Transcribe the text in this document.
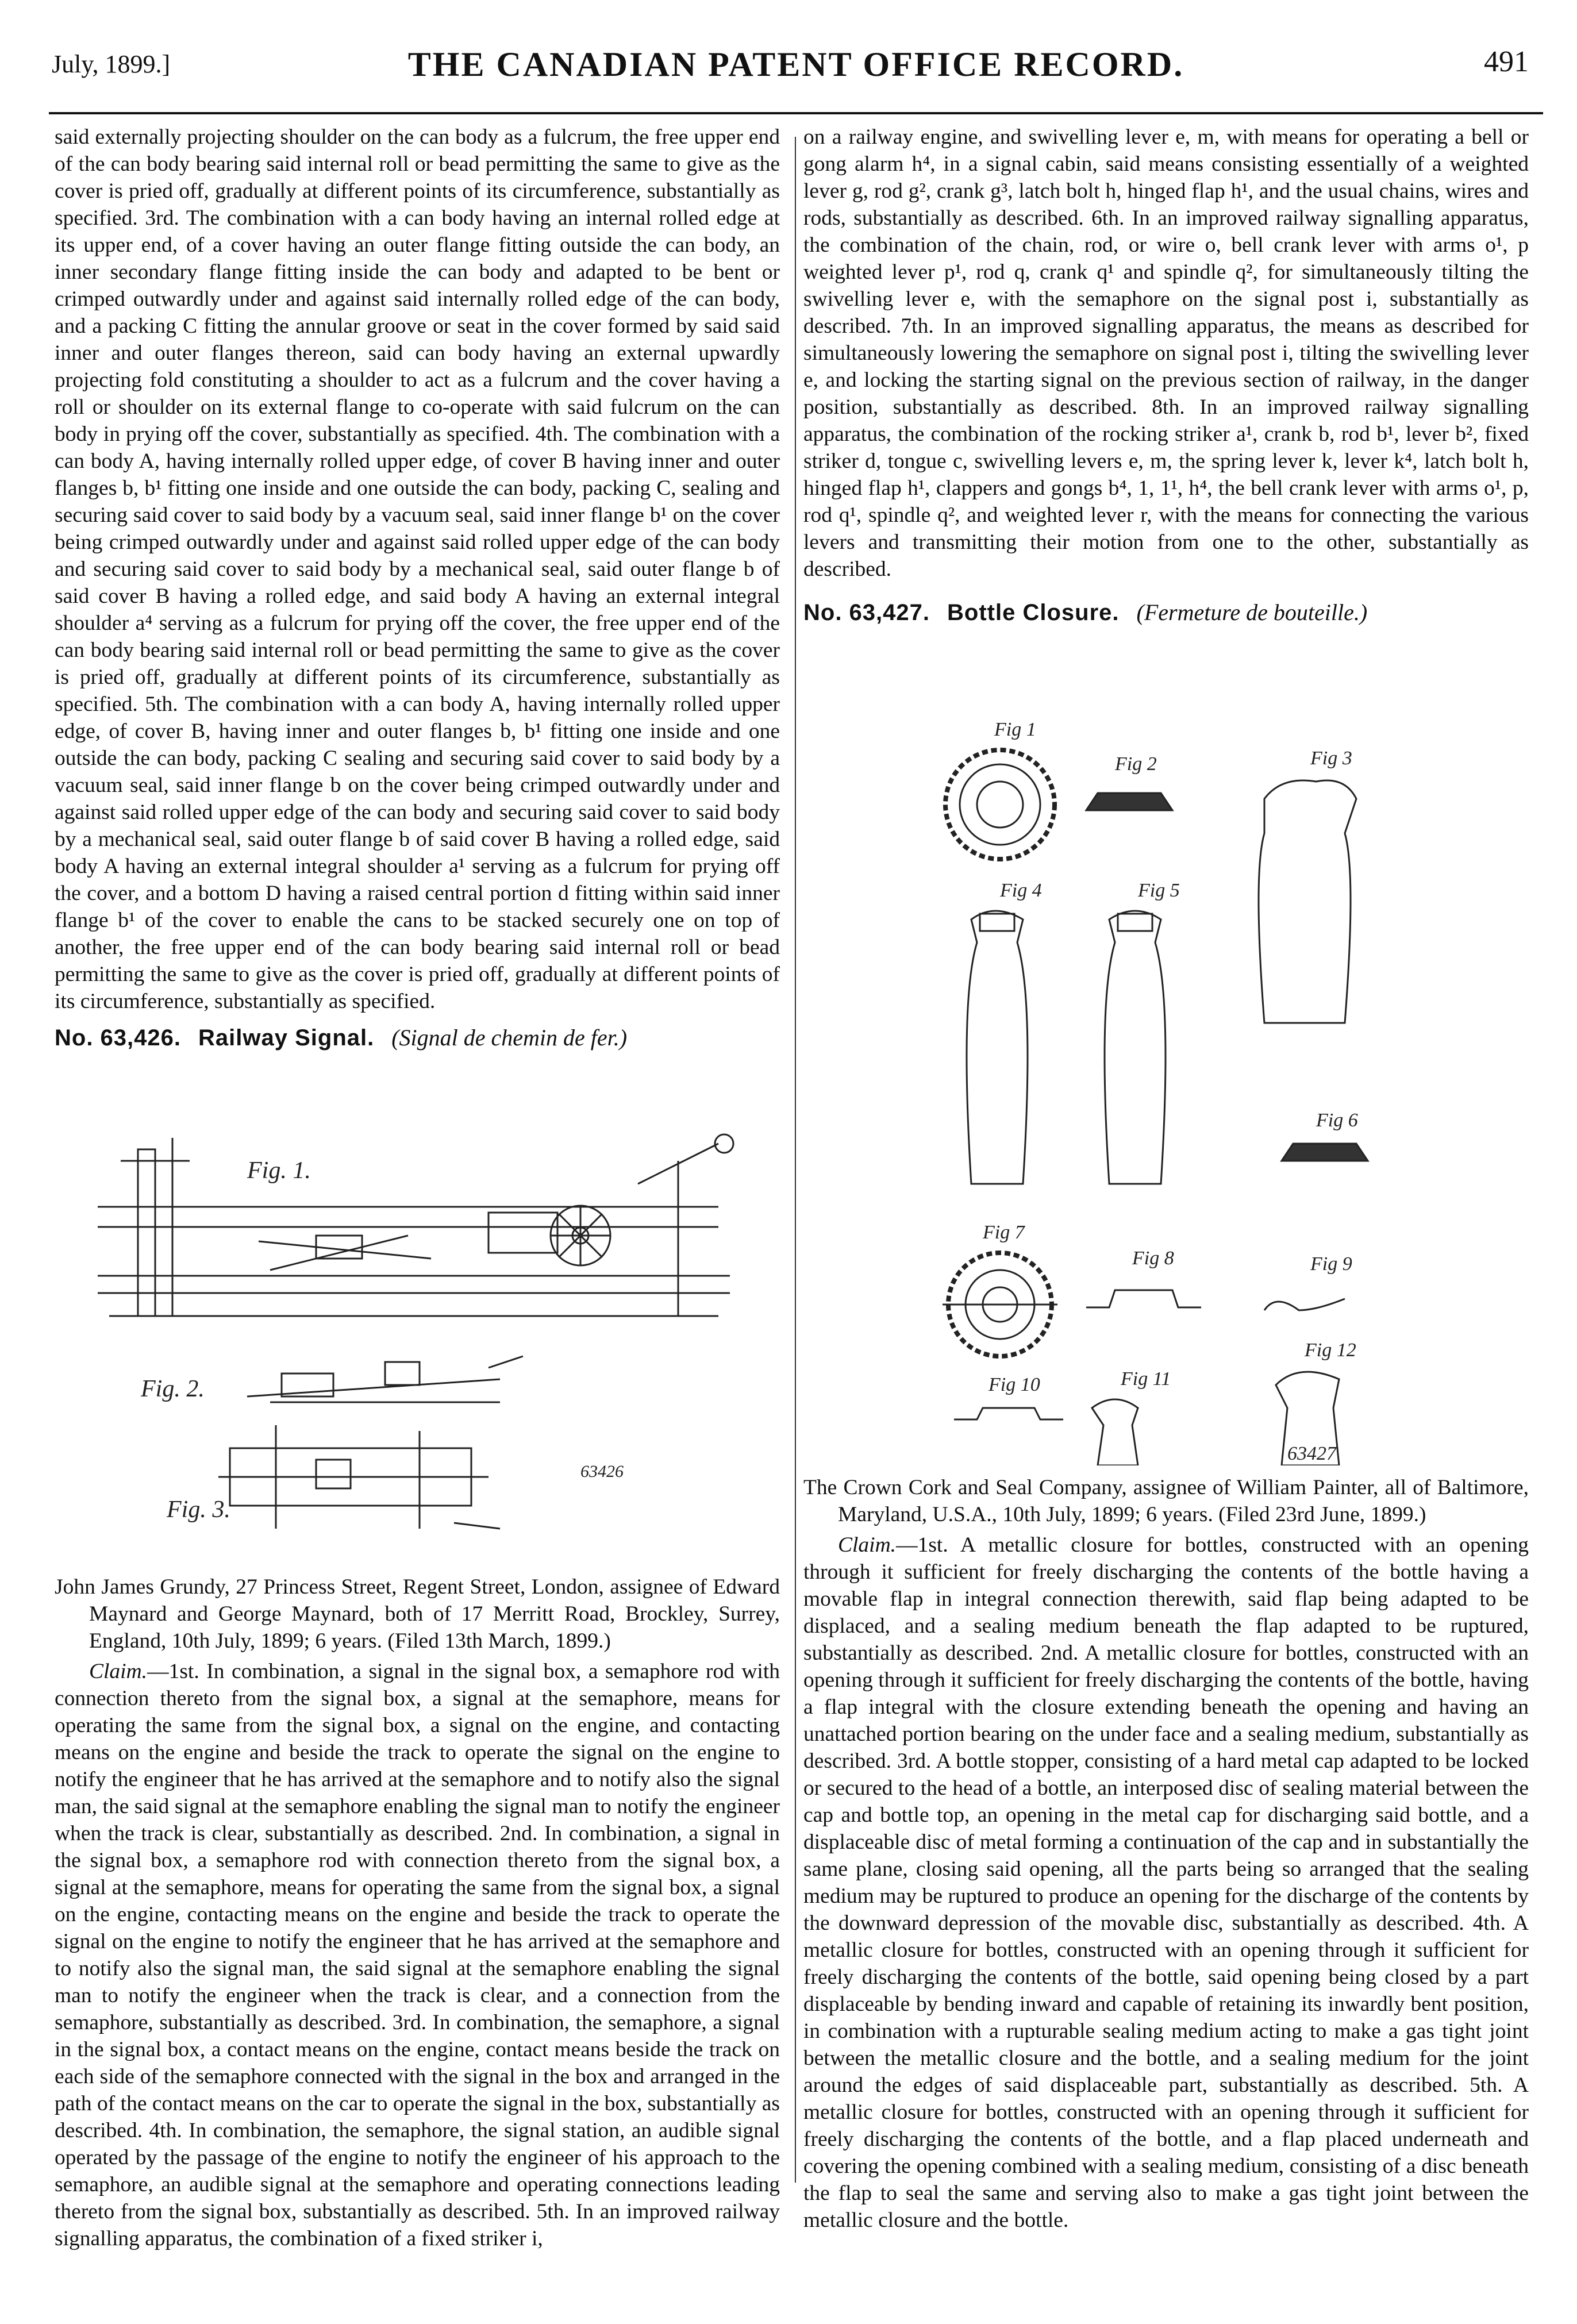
July, 1899.]	THE CANADIAN PATENT OFFICE RECORD.	491

said externally projecting shoulder on the can body as a fulcrum, the free upper end of the can body bearing said internal roll or bead permitting the same to give as the cover is pried off, gradually at different points of its circumference, substantially as specified. 3rd. The combination with a can body having an internal rolled edge at its upper end, of a cover having an outer flange fitting outside the can body, an inner secondary flange fitting inside the can body and adapted to be bent or crimped outwardly under and against said internally rolled edge of the can body, and a packing C fitting the annular groove or seat in the cover formed by said said inner and outer flanges thereon, said can body having an external upwardly projecting fold constituting a shoulder to act as a fulcrum and the cover having a roll or shoulder on its external flange to co-operate with said fulcrum on the can body in prying off the cover, substantially as specified. 4th. The combination with a can body A, having internally rolled upper edge, of cover B having inner and outer flanges b, b¹ fitting one inside and one outside the can body, packing C, sealing and securing said cover to said body by a vacuum seal, said inner flange b¹ on the cover being crimped outwardly under and against said rolled upper edge of the can body and securing said cover to said body by a mechanical seal, said outer flange b of said cover B having a rolled edge, and said body A having an external integral shoulder a⁴ serving as a fulcrum for prying off the cover, the free upper end of the can body bearing said internal roll or bead permitting the same to give as the cover is pried off, gradually at different points of its circumference, substantially as specified. 5th. The combination with a can body A, having internally rolled upper edge, of cover B, having inner and outer flanges b, b¹ fitting one inside and one outside the can body, packing C sealing and securing said cover to said body by a vacuum seal, said inner flange b on the cover being crimped outwardly under and against said rolled upper edge of the can body and securing said cover to said body by a mechanical seal, said outer flange b of said cover B having a rolled edge, said body A having an external integral shoulder a¹ serving as a fulcrum for prying off the cover, and a bottom D having a raised central portion d fitting within said inner flange b¹ of the cover to enable the cans to be stacked securely one on top of another, the free upper end of the can body bearing said internal roll or bead permitting the same to give as the cover is pried off, gradually at different points of its circumference, substantially as specified.

No. 63,426. Railway Signal. (Signal de chemin de fer.)

Fig. 1.
Fig. 2.
Fig. 3.
63426

John James Grundy, 27 Princess Street, Regent Street, London, assignee of Edward Maynard and George Maynard, both of 17 Merritt Road, Brockley, Surrey, England, 10th July, 1899; 6 years. (Filed 13th March, 1899.)

Claim.—1st. In combination, a signal in the signal box, a semaphore rod with connection thereto from the signal box, a signal at the semaphore, means for operating the same from the signal box, a signal on the engine, and contacting means on the engine and beside the track to operate the signal on the engine to notify the engineer that he has arrived at the semaphore and to notify also the signal man, the said signal at the semaphore enabling the signal man to notify the engineer when the track is clear, substantially as described. 2nd. In combination, a signal in the signal box, a semaphore rod with connection thereto from the signal box, a signal at the semaphore, means for operating the same from the signal box, a signal on the engine, contacting means on the engine and beside the track to operate the signal on the engine to notify the engineer that he has arrived at the semaphore and to notify also the signal man, the said signal at the semaphore enabling the signal man to notify the engineer when the track is clear, and a connection from the semaphore, substantially as described. 3rd. In combination, the semaphore, a signal in the signal box, a contact means on the engine, contact means beside the track on each side of the semaphore connected with the signal in the box and arranged in the path of the contact means on the car to operate the signal in the box, substantially as described. 4th. In combination, the semaphore, the signal station, an audible signal operated by the passage of the engine to notify the engineer of his approach to the semaphore, an audible signal at the semaphore and operating connections leading thereto from the signal box, substantially as described. 5th. In an improved railway signalling apparatus, the combination of a fixed striker i,

on a railway engine, and swivelling lever e, m, with means for operating a bell or gong alarm h⁴, in a signal cabin, said means consisting essentially of a weighted lever g, rod g², crank g³, latch bolt h, hinged flap h¹, and the usual chains, wires and rods, substantially as described. 6th. In an improved railway signalling apparatus, the combination of the chain, rod, or wire o, bell crank lever with arms o¹, p weighted lever p¹, rod q, crank q¹ and spindle q², for simultaneously tilting the swivelling lever e, with the semaphore on the signal post i, substantially as described. 7th. In an improved signalling apparatus, the means as described for simultaneously lowering the semaphore on signal post i, tilting the swivelling lever e, and locking the starting signal on the previous section of railway, in the danger position, substantially as described. 8th. In an improved railway signalling apparatus, the combination of the rocking striker a¹, crank b, rod b¹, lever b², fixed striker d, tongue c, swivelling levers e, m, the spring lever k, lever k⁴, latch bolt h, hinged flap h¹, clappers and gongs b⁴, 1, 1¹, h⁴, the bell crank lever with arms o¹, p, rod q¹, spindle q², and weighted lever r, with the means for connecting the various levers and transmitting their motion from one to the other, substantially as described.

No. 63,427. Bottle Closure. (Fermeture de bouteille.)

Fig 1
Fig 2	Fig 3
Fig 4	Fig 5
Fig 6
Fig 7
Fig 8	Fig 9
Fig 10	Fig 11
Fig 12
63427

The Crown Cork and Seal Company, assignee of William Painter, all of Baltimore, Maryland, U.S.A., 10th July, 1899; 6 years. (Filed 23rd June, 1899.)

Claim.—1st. A metallic closure for bottles, constructed with an opening through it sufficient for freely discharging the contents of the bottle having a movable flap in integral connection therewith, said flap being adapted to be displaced, and a sealing medium beneath the flap adapted to be ruptured, substantially as described. 2nd. A metallic closure for bottles, constructed with an opening through it sufficient for freely discharging the contents of the bottle, having a flap integral with the closure extending beneath the opening and having an unattached portion bearing on the under face and a sealing medium, substantially as described. 3rd. A bottle stopper, consisting of a hard metal cap adapted to be locked or secured to the head of a bottle, an interposed disc of sealing material between the cap and bottle top, an opening in the metal cap for discharging said bottle, and a displaceable disc of metal forming a continuation of the cap and in substantially the same plane, closing said opening, all the parts being so arranged that the sealing medium may be ruptured to produce an opening for the discharge of the contents by the downward depression of the movable disc, substantially as described. 4th. A metallic closure for bottles, constructed with an opening through it sufficient for freely discharging the contents of the bottle, said opening being closed by a part displaceable by bending inward and capable of retaining its inwardly bent position, in combination with a rupturable sealing medium acting to make a gas tight joint between the metallic closure and the bottle, and a sealing medium for the joint around the edges of said displaceable part, substantially as described. 5th. A metallic closure for bottles, constructed with an opening through it sufficient for freely discharging the contents of the bottle, and a flap placed underneath and covering the opening combined with a sealing medium, consisting of a disc beneath the flap to seal the same and serving also to make a gas tight joint between the metallic closure and the bottle.
